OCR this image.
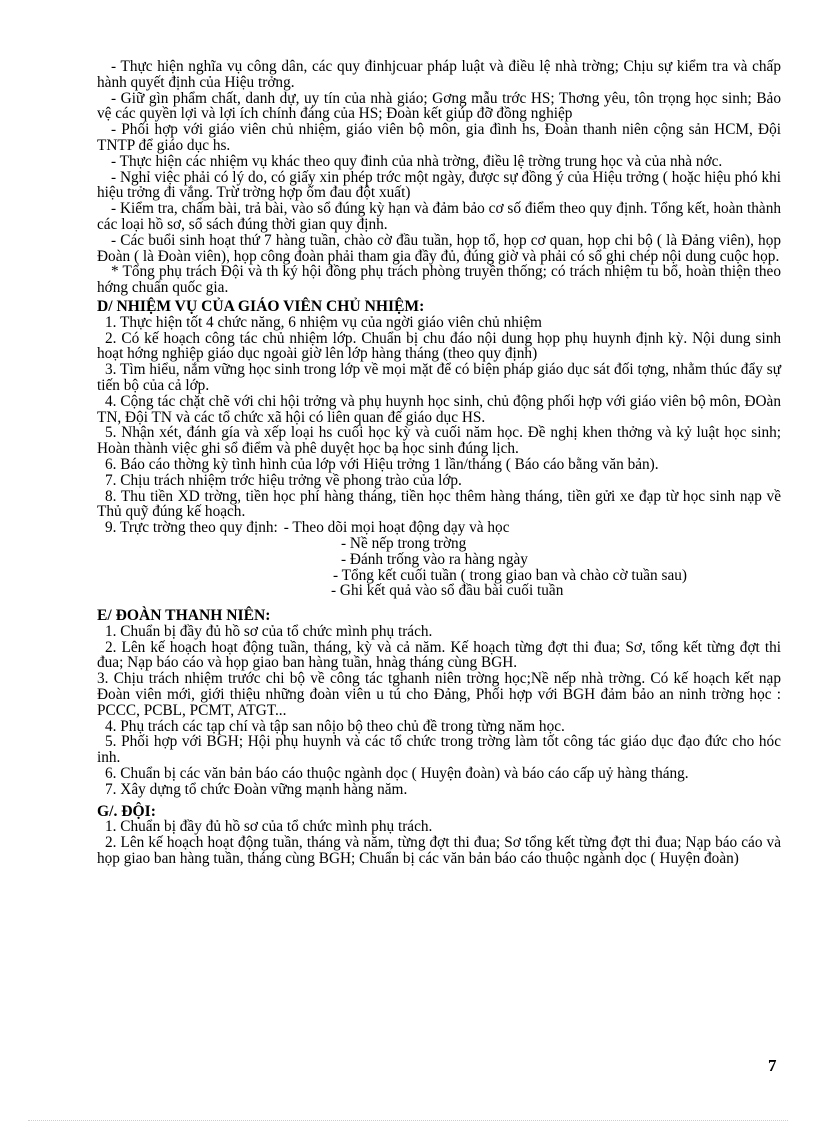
- Thực hiện nghĩa vụ công dân, các quy đinhjcuar pháp luật và điều lệ nhà trờng; Chịu sự kiểm tra và chấp hành quyết định của Hiệu trởng.

- Giữ gìn phẩm chất, danh dự, uy tín của nhà giáo; Gơng mẫu trớc HS; Thơng yêu, tôn trọng học sinh; Bảo vệ các quyền lợi và lợi ích chính đáng của HS; Đoàn kết giúp đỡ đồng nghiệp

- Phối hợp với giáo viên chủ nhiệm, giáo viên bộ môn, gia đình hs, Đoàn thanh niên cộng sản HCM, Đội TNTP để giáo dục hs.

- Thực hiện các nhiệm vụ khác theo quy đinh của nhà trờng, điều lệ trờng trung học và của nhà nớc.

- Nghỉ việc phải có lý do, có giấy xin phép trớc một ngày, được sự đồng ý của Hiệu trởng ( hoặc hiệu phó khi hiệu trởng đi vắng. Trừ trờng hợp ốm đau đột xuất)

- Kiểm tra, chấm bài, trả bài, vào sổ đúng kỳ hạn và đảm bảo cơ số điểm theo quy định. Tổng kết, hoàn thành các loại hồ sơ, sổ sách đúng thời gian quy định.

- Các buổi sinh hoạt thứ 7 hàng tuần, chào cờ đầu tuần, họp tổ, họp cơ quan, họp chi bộ ( là Đảng viên), họp Đoàn ( là Đoàn viên), họp công đoàn phải tham gia đầy đủ, đúng giờ và phải có sổ ghi chép nội dung cuộc họp.

* Tổng phụ trách Đội và th ký hội đồng phụ trách phòng truyền thống; có trách nhiệm tu bổ, hoàn thiện theo hớng chuẩn quốc gia.

D/ NHIỆM VỤ CỦA GIÁO VIÊN CHỦ NHIỆM:

1. Thực hiện tốt 4 chức năng, 6 nhiệm vụ của ngời giáo viên chủ nhiệm

2. Có kế hoạch công tác chủ nhiệm lớp. Chuẩn bị chu đáo nội dung họp phụ huynh định kỳ. Nội dung sinh hoạt hớng nghiệp giáo dục ngoài giờ lên lớp hàng tháng (theo quy định)

3. Tìm hiểu, nắm vững học sinh trong lớp về mọi mặt để có biện pháp giáo dục sát đối tợng, nhằm thúc đẩy sự tiến bộ của cả lớp.

4. Cộng tác chặt chẽ với chi hội trởng và phụ huynh học sinh, chủ động phối hợp với giáo viên bộ môn, ĐOàn TN, Đội TN và các tổ chức xã hội có liên quan để giáo dục HS.

5. Nhận xét, đánh gía và xếp loại hs cuối học kỳ và cuối năm học. Đề nghị khen thởng và kỷ luật học sinh; Hoàn thành việc ghi sổ điểm và phê duyệt học bạ học sinh đúng lịch.

6. Báo cáo thờng kỳ tình hình của lớp với Hiệu trởng 1 lần/tháng ( Báo cáo bằng văn bản).

7. Chịu trách nhiệm trớc hiệu trởng về phong trào của lớp.

8. Thu tiền XD trờng, tiền học phí hàng tháng, tiền học thêm hàng tháng, tiền gửi xe đạp từ học sinh nạp về Thủ quỹ đúng kế hoạch.

9. Trực trờng theo quy định: - Theo dõi mọi hoạt động dạy và học
- Nề nếp trong trờng
- Đánh trống vào ra hàng ngày
- Tổng kết cuối tuần ( trong giao ban và chào cờ tuần sau)
- Ghi kết quả vào sổ đầu bài cuối tuần

E/ ĐOÀN THANH NIÊN:

1. Chuẩn bị đầy đủ hồ sơ của tổ chức mình phụ trách.

2. Lên kế hoạch hoạt động tuần, tháng, kỳ và cả năm. Kế hoạch từng đợt thi đua; Sơ, tổng kết từng đợt thi đua; Nạp báo cáo và họp giao ban hàng tuần, hnàg tháng cùng BGH.

3. Chịu trách nhiệm trước chi bộ về công tác tghanh niên trờng học;Nề nếp nhà trờng. Có kế hoạch kết nạp Đoàn viên mới, giới thiệu những đoàn viên u tú cho Đảng, Phối hợp với BGH đảm bảo an ninh trờng học : PCCC, PCBL, PCMT, ATGT...

4. Phụ trách các tạp chí và tập san nôịo bộ theo chủ đề trong từng năm học.

5. Phối hợp với BGH; Hội phụ huynh và các tổ chức trong trờng làm tốt công tác giáo dục đạo đức cho hóc inh.

6. Chuẩn bị các văn bản báo cáo thuộc ngành dọc ( Huyện đoàn) và báo cáo cấp uỷ hàng tháng.

7. Xây dựng tổ chức Đoàn vững mạnh hàng năm.

G/. ĐỘI:

1. Chuẩn bị đầy đủ hồ sơ của tổ chức mình phụ trách.

2. Lên kế hoạch hoạt động tuần, tháng và năm, từng đợt thi đua; Sơ tổng kết từng đợt thi đua; Nạp báo cáo và họp giao ban hàng tuần, tháng cùng BGH; Chuẩn bị các văn bản báo cáo thuộc ngành dọc ( Huyện đoàn)

7
